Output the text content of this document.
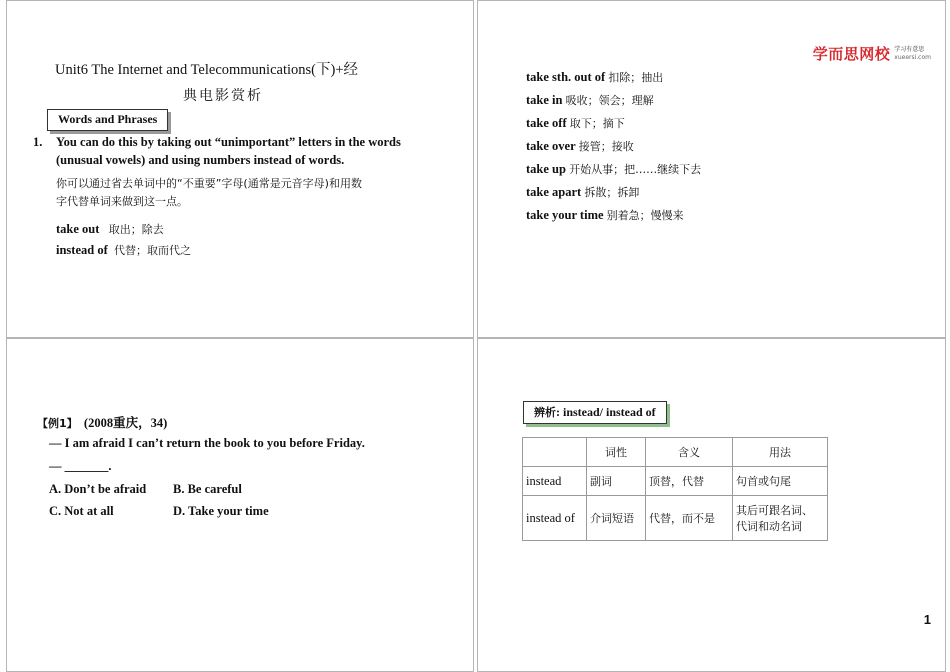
Unit6 The Internet and Telecommunications(下)+经
典电影赏析
Words and Phrases
1. You can do this by taking out “unimportant” letters in the words
(unusual vowels) and using numbers instead of words.
你可以通过省去单词中的“不重要”字母(通常是元音字母)和用数
字代替单词来做到这一点。
take out 取出；除去
instead of 代替；取而代之
学而思网校 学习有意思
xueersi.com
take sth. out of 扣除；抽出
take in 吸收；领会；理解
take off 取下；摘下
take over 接管；接收
take up 开始从事；把……继续下去
take apart 拆散；拆卸
take your time 别着急；慢慢来
【例1】 (2008重庆，34)
— I am afraid I can’t return the book to you before Friday.
— _______.
A. Don’t be afraid B. Be careful
C. Not at all	D. Take your time
辨析: instead/ instead of
	词性	含义	用法
instead	副词	顶替，代替	句首或句尾
instead of	介词短语	代替，而不是	其后可跟名词、
代词和动名词
1
